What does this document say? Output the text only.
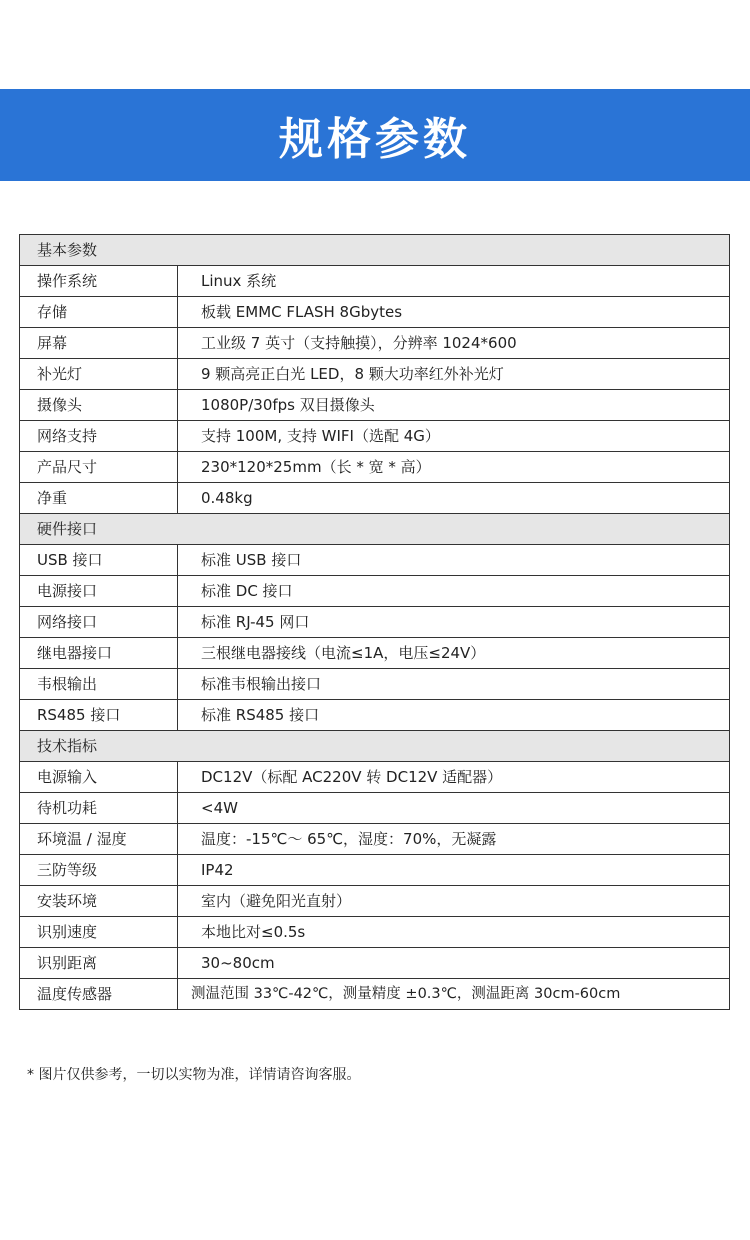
规格参数
基本参数	
操作系统	Linux 系统
存储	板载 EMMC FLASH 8Gbytes
屏幕	工业级 7 英寸（支持触摸），分辨率 1024*600
补光灯	9 颗高亮正白光 LED，8 颗大功率红外补光灯
摄像头	1080P/30fps 双目摄像头
网络支持	支持 100M, 支持 WIFI（选配 4G）
产品尺寸	230*120*25mm（长 * 宽 * 高）
净重	0.48kg
硬件接口	
USB 接口	标准 USB 接口
电源接口	标准 DC 接口
网络接口	标准 RJ-45 网口
继电器接口	三根继电器接线（电流≤1A，电压≤24V）
韦根输出	标准韦根输出接口
RS485 接口	标准 RS485 接口
技术指标	
电源输入	DC12V（标配 AC220V 转 DC12V 适配器）
待机功耗	<4W
环境温 / 湿度	温度：-15℃～ 65℃，湿度：70%，无凝露
三防等级	IP42
安装环境	室内（避免阳光直射）
识别速度	本地比对≤0.5s
识别距离	30~80cm
温度传感器	测温范围 33℃-42℃，测量精度 ±0.3℃，测温距离 30cm-60cm
* 图片仅供参考，一切以实物为准，详情请咨询客服。
